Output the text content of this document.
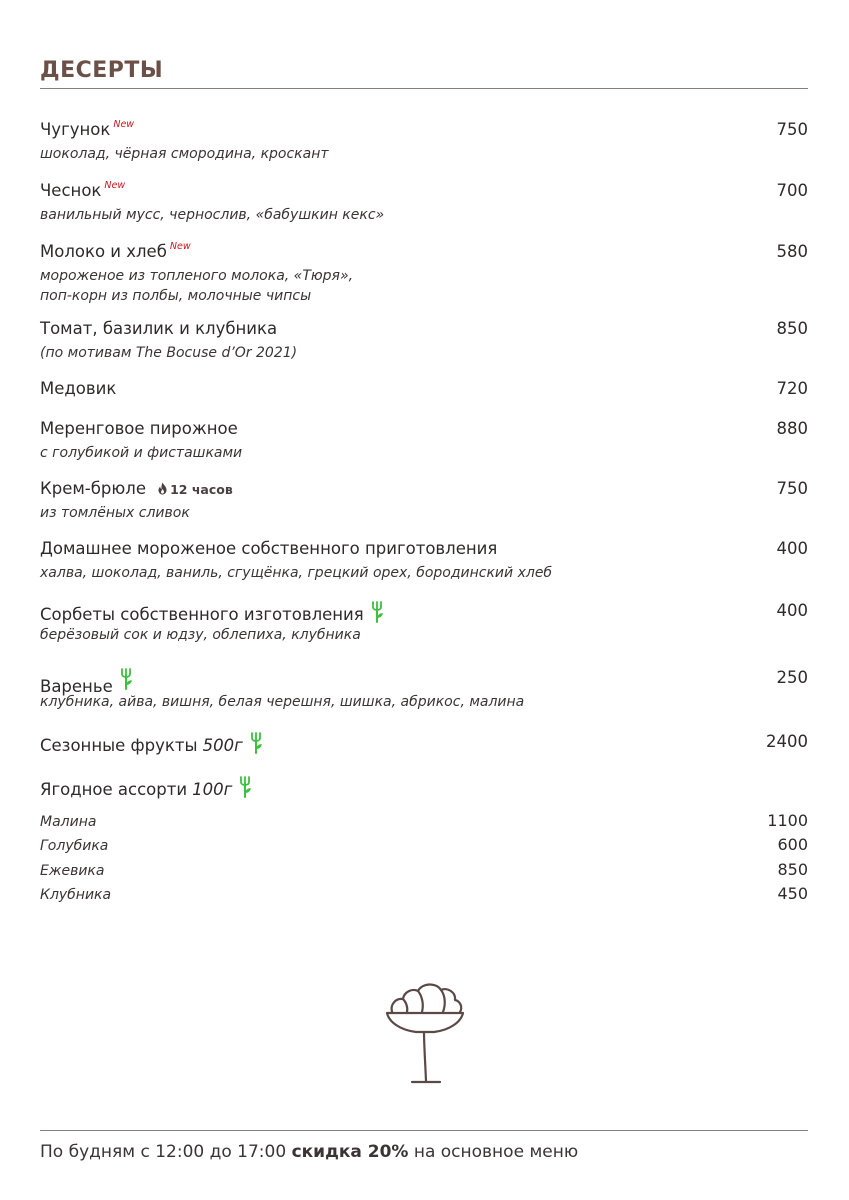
ДЕСЕРТЫ
Чугунок $^{New}$	750
шоколад, чёрная смородина, кроскант
Чеснок $^{New}$	700
ванильный мусс, чернослив, «бабушкин кекс»
Молоко и хлеб $^{New}$	580
мороженое из топленого молока, «Тюря»,
поп-корн из полбы, молочные чипсы
Томат, базилик и клубника	850
(по мотивам The Bocuse d’Or 2021)
Медовик	720
Меренговое пирожное	880
с голубикой и фисташками
Крем-брюле 12 часов	750
из томлёных сливок
Домашнее мороженое собственного приготовления	400
халва, шоколад, ваниль, сгущёнка, грецкий орех, бородинский хлеб
Сорбеты собственного изготовления	400
берёзовый сок и юдзу, облепиха, клубника
Варенье	250
клубника, айва, вишня, белая черешня, шишка, абрикос, малина
Сезонные фрукты 500г	2400
Ягодное ассорти 100г
Малина	1100
Голубика	600
Ежевика	850
Клубника	450
По будням с 12:00 до 17:00 скидка 20% на основное меню
